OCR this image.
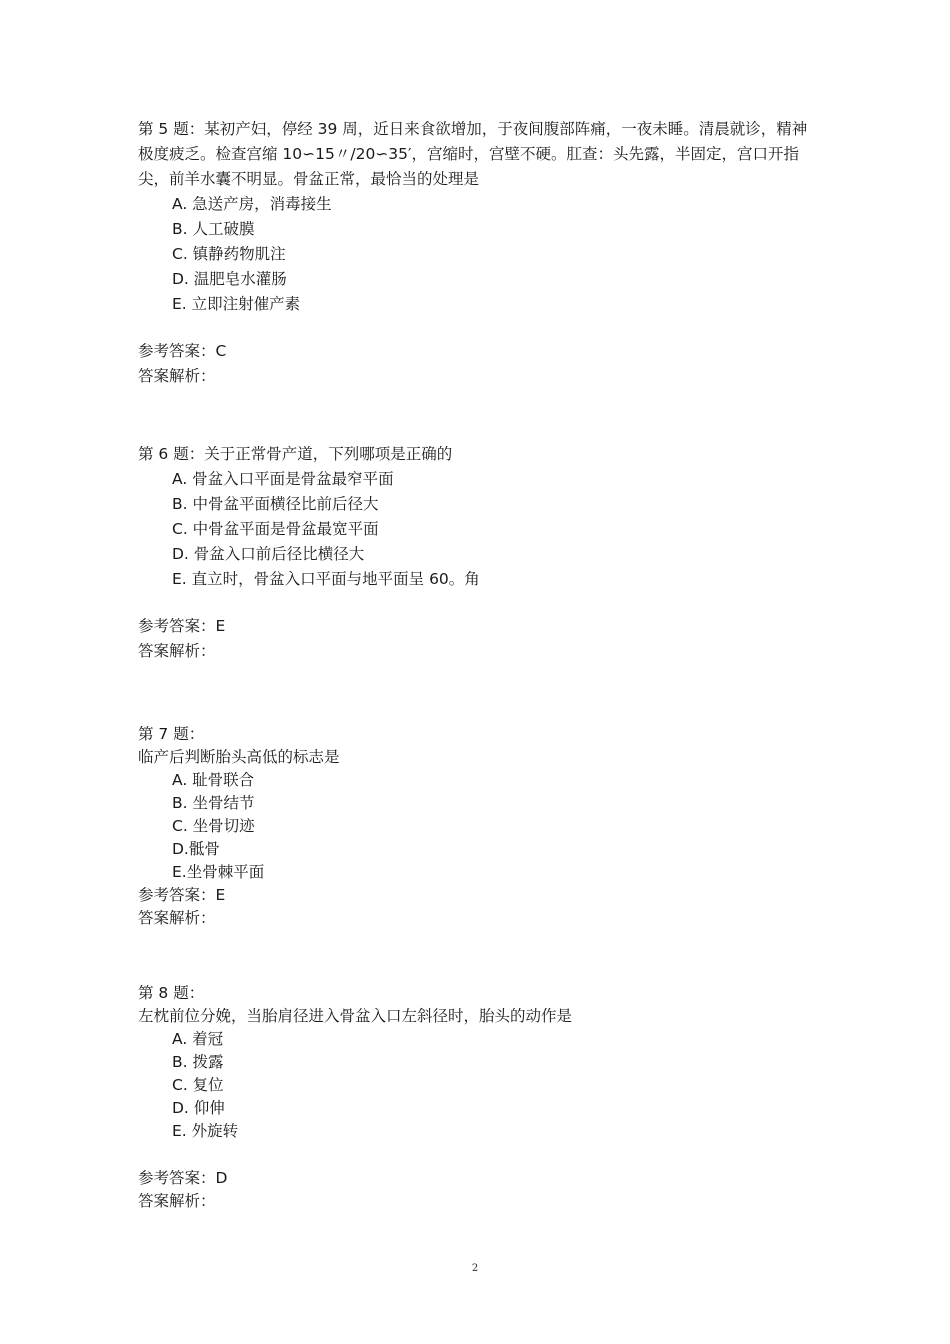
第 5 题：某初产妇，停经 39 周，近日来食欲增加，于夜间腹部阵痛，一夜未睡。清晨就诊，精神极度疲乏。检查宫缩 10∽15〃/20∽35′，宫缩时，宫壁不硬。肛查：头先露，半固定，宫口开指尖，前羊水囊不明显。骨盆正常，最恰当的处理是

A. 急送产房，消毒接生
B. 人工破膜
C. 镇静药物肌注
D. 温肥皂水灌肠
E. 立即注射催产素

参考答案：C

答案解析：

第 6 题：关于正常骨产道，下列哪项是正确的

A. 骨盆入口平面是骨盆最窄平面
B. 中骨盆平面横径比前后径大
C. 中骨盆平面是骨盆最宽平面
D. 骨盆入口前后径比横径大
E. 直立时，骨盆入口平面与地平面呈 60。角

参考答案：E

答案解析：

第 7 题：

临产后判断胎头高低的标志是

A. 耻骨联合
B. 坐骨结节
C. 坐骨切迹
D.骶骨
E.坐骨棘平面

参考答案：E

答案解析：

第 8 题：

左枕前位分娩，当胎肩径进入骨盆入口左斜径时，胎头的动作是

A. 着冠
B. 拨露
C. 复位
D. 仰伸
E. 外旋转

参考答案：D

答案解析：

2
